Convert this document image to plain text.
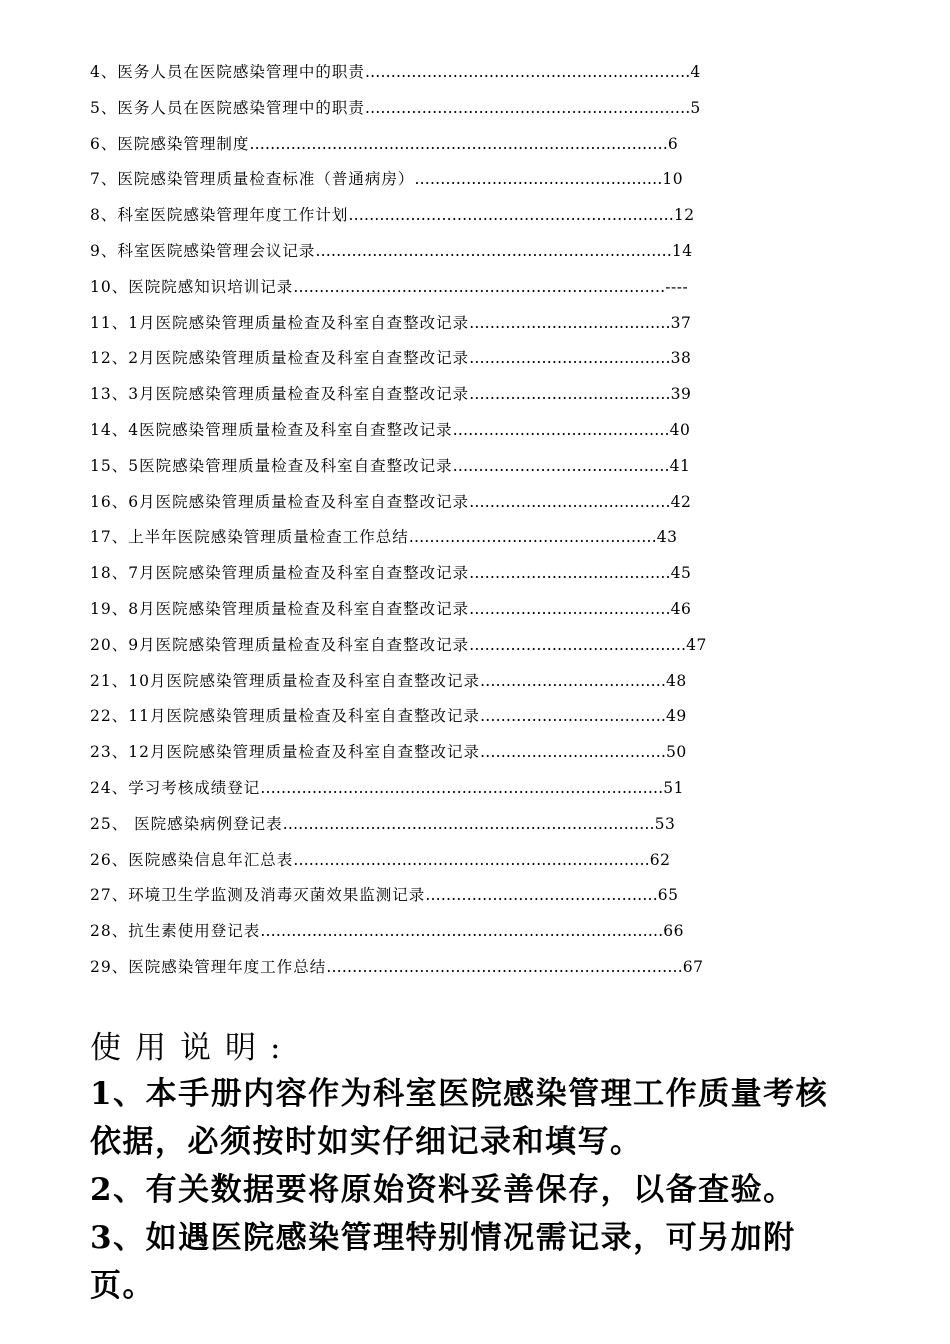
4、医务人员在医院感染管理中的职责………………………………………………………4
5、医务人员在医院感染管理中的职责………………………………………………………5
6、医院感染管理制度………………………………………………………………………6
7、医院感染管理质量检查标准（普通病房）…………………………………………10
8、科室医院感染管理年度工作计划………………………………………………………12
9、科室医院感染管理会议记录……………………………………………………………14
10、医院院感知识培训记录………………………………………………………………----
11、1月医院感染管理质量检查及科室自查整改记录…………………………………37
12、2月医院感染管理质量检查及科室自查整改记录…………………………………38
13、3月医院感染管理质量检查及科室自查整改记录…………………………………39
14、4医院感染管理质量检查及科室自查整改记录……………………………………40
15、5医院感染管理质量检查及科室自查整改记录……………………………………41
16、6月医院感染管理质量检查及科室自查整改记录…………………………………42
17、上半年医院感染管理质量检查工作总结…………………………………………43
18、7月医院感染管理质量检查及科室自查整改记录…………………………………45
19、8月医院感染管理质量检查及科室自查整改记录…………………………………46
20、9月医院感染管理质量检查及科室自查整改记录……………………………………47
21、10月医院感染管理质量检查及科室自查整改记录………………………………48
22、11月医院感染管理质量检查及科室自查整改记录………………………………49
23、12月医院感染管理质量检查及科室自查整改记录………………………………50
24、学习考核成绩登记……………………………………………………………………51
25、 医院感染病例登记表………………………………………………………………53
26、医院感染信息年汇总表……………………………………………………………62
27、环境卫生学监测及消毒灭菌效果监测记录………………………………………65
28、抗生素使用登记表……………………………………………………………………66
29、医院感染管理年度工作总结……………………………………………………………67
使用说明:

1、本手册内容作为科室医院感染管理工作质量考核依据，必须按时如实仔细记录和填写。

2、有关数据要将原始资料妥善保存，以备查验。

3、如遇医院感染管理特别情况需记录，可另加附页。
